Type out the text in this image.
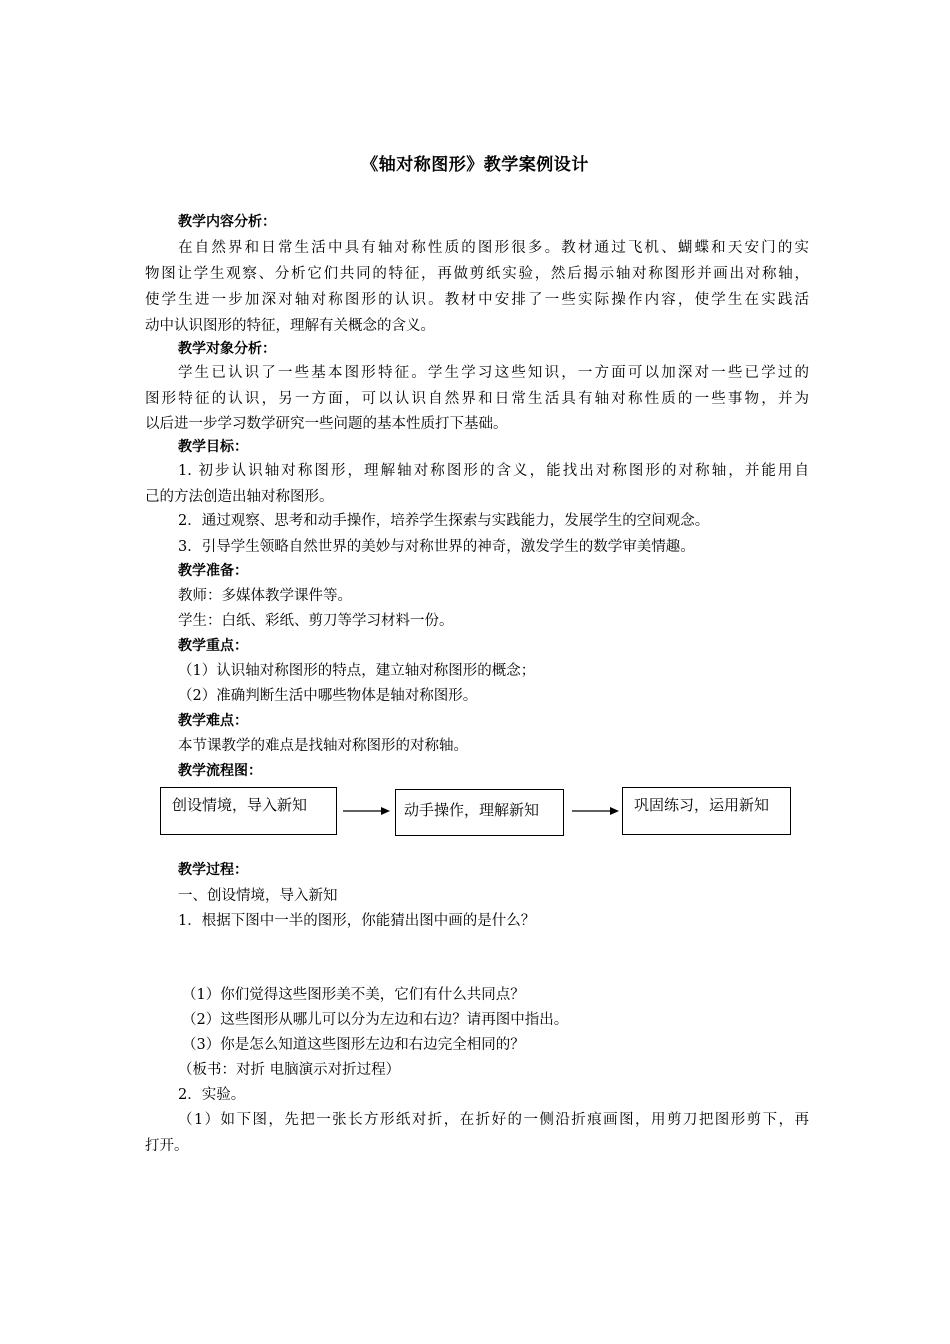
《轴对称图形》教学案例设计
教学内容分析：
在自然界和日常生活中具有轴对称性质的图形很多。教材通过飞机、蝴蝶和天安门的实
物图让学生观察、分析它们共同的特征，再做剪纸实验，然后揭示轴对称图形并画出对称轴，
使学生进一步加深对轴对称图形的认识。教材中安排了一些实际操作内容，使学生在实践活
动中认识图形的特征，理解有关概念的含义。
教学对象分析：
学生已认识了一些基本图形特征。学生学习这些知识，一方面可以加深对一些已学过的
图形特征的认识，另一方面，可以认识自然界和日常生活具有轴对称性质的一些事物，并为
以后进一步学习数学研究一些问题的基本性质打下基础。
教学目标：
1. 初步认识轴对称图形，理解轴对称图形的含义，能找出对称图形的对称轴，并能用自
己的方法创造出轴对称图形。
2．通过观察、思考和动手操作，培养学生探索与实践能力，发展学生的空间观念。
3．引导学生领略自然世界的美妙与对称世界的神奇，激发学生的数学审美情趣。
教学准备：
教师：多媒体教学课件等。
学生：白纸、彩纸、剪刀等学习材料一份。
教学重点：
（1）认识轴对称图形的特点，建立轴对称图形的概念；
（2）准确判断生活中哪些物体是轴对称图形。
教学难点：
本节课教学的难点是找轴对称图形的对称轴。
教学流程图：
创设情境，导入新知	动手操作，理解新知	巩固练习，运用新知
教学过程：
一、创设情境，导入新知
1．根据下图中一半的图形，你能猜出图中画的是什么？
（1）你们觉得这些图形美不美，它们有什么共同点？
（2）这些图形从哪儿可以分为左边和右边？请再图中指出。
（3）你是怎么知道这些图形左边和右边完全相同的？
（板书：对折 电脑演示对折过程）
2．实验。
（1）如下图，先把一张长方形纸对折，在折好的一侧沿折痕画图，用剪刀把图形剪下，再
打开。
